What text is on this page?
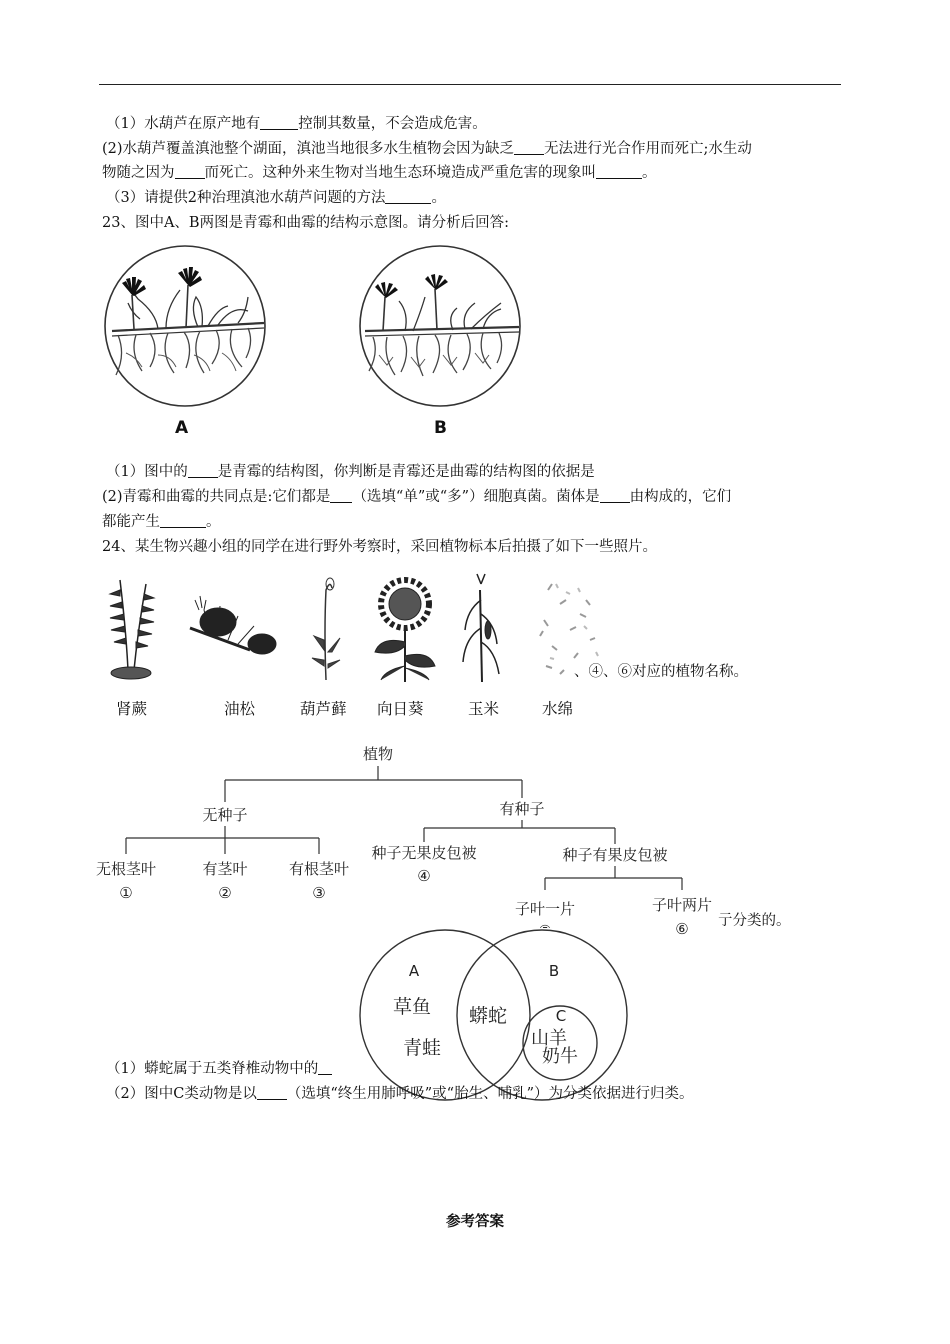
（1）水葫芦在原产地有	控制其数量，不会造成危害。
(2)水葫芦覆盖滇池整个湖面，滇池当地很多水生植物会因为缺乏 无法进行光合作用而死亡;水生动
物随之因为 而死亡。这种外来生物对当地生态环境造成严重危害的现象叫	。
（3）请提供2种治理滇池水葫芦问题的方法	。
23、图中A、B两图是青霉和曲霉的结构示意图。请分析后回答:
A	B
（1）图中的 是青霉的结构图，你判断是青霉还是曲霉的结构图的依据是
(2)青霉和曲霉的共同点是:它们都是 （选填“单”或“多”）细胞真菌。菌体是 由构成的，它们
都能产生	。
24、某生物兴趣小组的同学在进行野外考察时，采回植物标本后拍摄了如下一些照片。
、④、⑥对应的植物名称。
肾蕨	油松	葫芦藓 向日葵	玉米	水绵
植物
无种子	有种子
无根茎叶
①
有茎叶
②
有根茎叶
③
种子无果皮包被
④
种子有果皮包被
子叶一片	子叶两片
⑥ 亍分类的。
A	B
C
草鱼
青蛙
蟒蛇
山羊
奶牛
（1）蟒蛇属于五类脊椎动物中的
（2）图中C类动物是以 （选填“终生用肺呼吸”或“胎生、哺乳”）为分类依据进行归类。
参考答案
